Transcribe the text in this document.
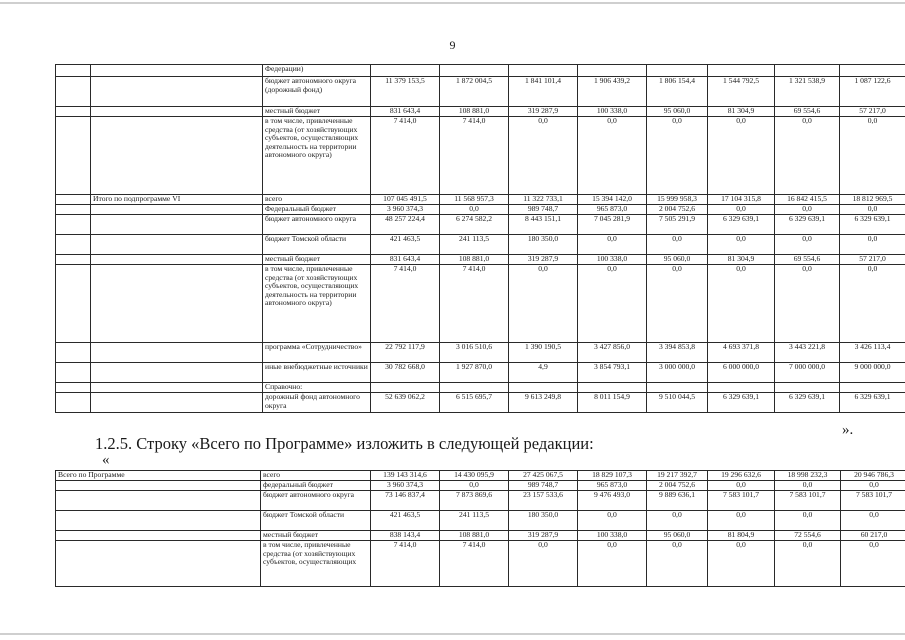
9
		Федерации)								
		бюджет автономного округа (дорожный фонд)	11 379 153,5	1 872 004,5	1 841 101,4	1 906 439,2	1 806 154,4	1 544 792,5	1 321 538,9	1 087 122,6
		местный бюджет	831 643,4	108 881,0	319 287,9	100 338,0	95 060,0	81 304,9	69 554,6	57 217,0
		в том числе, привлеченные средства (от хозяйствующих субъектов, осуществляющих деятельность на территории автономного округа)	7 414,0	7 414,0	0,0	0,0	0,0	0,0	0,0	0,0
	Итого по подпрограмме VI	всего	107 045 491,5	11 568 957,3	11 322 733,1	15 394 142,0	15 999 958,3	17 104 315,8	16 842 415,5	18 812 969,5
		Федеральный бюджет	3 960 374,3	0,0	989 748,7	965 873,0	2 004 752,6	0,0	0,0	0,0
		бюджет автономного округа	48 257 224,4	6 274 582,2	8 443 151,1	7 045 281,9	7 505 291,9	6 329 639,1	6 329 639,1	6 329 639,1
		бюджет Томской области	421 463,5	241 113,5	180 350,0	0,0	0,0	0,0	0,0	0,0
		местный бюджет	831 643,4	108 881,0	319 287,9	100 338,0	95 060,0	81 304,9	69 554,6	57 217,0
		в том числе, привлеченные средства (от хозяйствующих субъектов, осуществляющих деятельность на территории автономного округа)	7 414,0	7 414,0	0,0	0,0	0,0	0,0	0,0	0,0
		программа «Сотрудничество»	22 792 117,9	3 016 510,6	1 390 190,5	3 427 856,0	3 394 853,8	4 693 371,8	3 443 221,8	3 426 113,4
		иные внебюджетные источники	30 782 668,0	1 927 870,0	4,9	3 854 793,1	3 000 000,0	6 000 000,0	7 000 000,0	9 000 000,0
		Справочно:								
		дорожный фонд автономного округа	52 639 062,2	6 515 695,7	9 613 249,8	8 011 154,9	9 510 044,5	6 329 639,1	6 329 639,1	6 329 639,1
».
1.2.5. Строку «Всего по Программе» изложить в следующей редакции:
«
Всего по Программе	всего	139 143 314,6	14 430 095,9	27 425 067,5	18 829 107,3	19 217 392,7	19 296 632,6	18 998 232,3	20 946 786,3
	федеральный бюджет	3 960 374,3	0,0	989 748,7	965 873,0	2 004 752,6	0,0	0,0	0,0
	бюджет автономного округа	73 146 837,4	7 873 869,6	23 157 533,6	9 476 493,0	9 889 636,1	7 583 101,7	7 583 101,7	7 583 101,7
	бюджет Томской области	421 463,5	241 113,5	180 350,0	0,0	0,0	0,0	0,0	0,0
	местный бюджет	838 143,4	108 881,0	319 287,9	100 338,0	95 060,0	81 804,9	72 554,6	60 217,0
	в том числе, привлеченные средства (от хозяйствующих субъектов, осуществляющих	7 414,0	7 414,0	0,0	0,0	0,0	0,0	0,0	0,0
